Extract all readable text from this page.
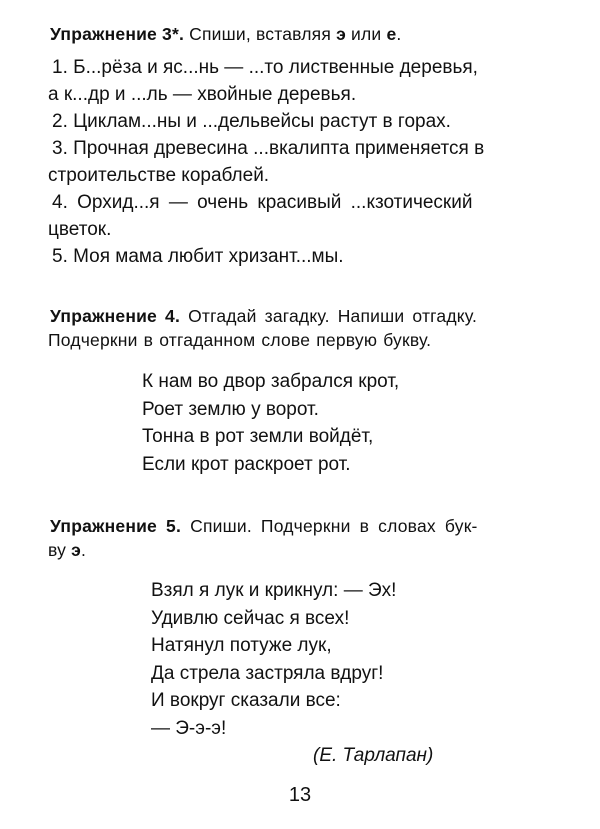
Упражнение 3*. Спиши, вставляя э или е.
1. Б...рёза и яс...нь — ...то лиственные деревья,
а к...др и ...ль — хвойные деревья.
2. Циклам...ны и ...дельвейсы растут в горах.
3. Прочная древесина ...вкалипта применяется в
строительстве кораблей.
4. Орхид...я — очень красивый ...кзотический
цветок.
5. Моя мама любит хризант...мы.
Упражнение 4. Отгадай загадку. Напиши отгадку.
Подчеркни в отгаданном слове первую букву.
К нам во двор забрался крот,
Роет землю у ворот.
Тонна в рот земли войдёт,
Если крот раскроет рот.
Упражнение 5. Спиши. Подчеркни в словах бук-
ву э.
Взял я лук и крикнул: — Эх!
Удивлю сейчас я всех!
Натянул потуже лук,
Да стрела застряла вдруг!
И вокруг сказали все:
— Э-э-э!
(Е. Тарлапан)
13
